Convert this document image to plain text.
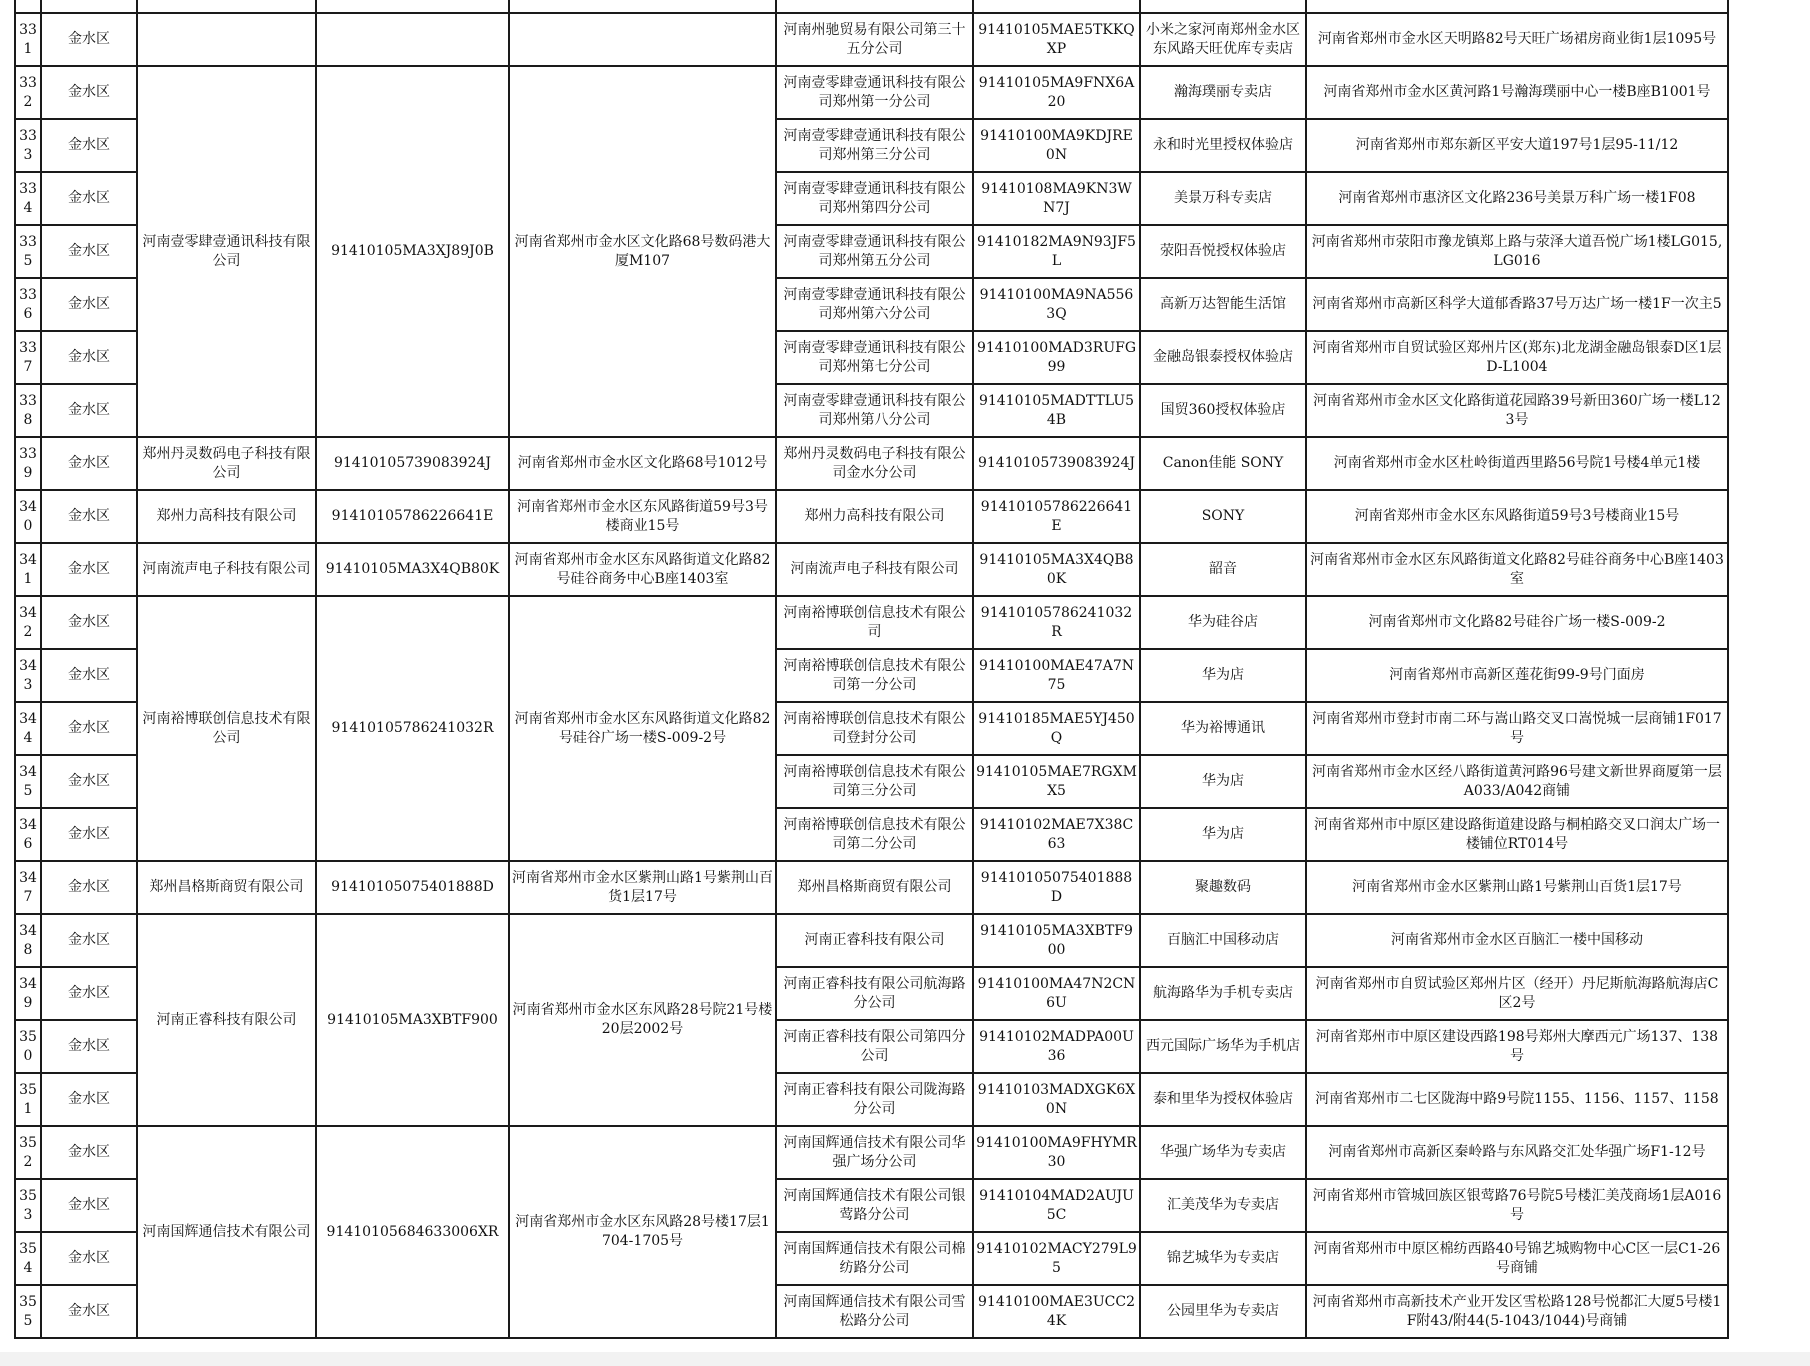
331	金水区				河南州驰贸易有限公司第三十五分公司	91410105MAE5TKKQXP	小米之家河南郑州金水区东风路天旺优库专卖店	河南省郑州市金水区天明路82号天旺广场裙房商业街1层1095号
332	金水区	河南壹零肆壹通讯科技有限公司	91410105MA3XJ89J0B	河南省郑州市金水区文化路68号数码港大厦M107	河南壹零肆壹通讯科技有限公司郑州第一分公司	91410105MA9FNX6A20	瀚海璞丽专卖店	河南省郑州市金水区黄河路1号瀚海璞丽中心一楼B座B1001号
333	金水区				河南壹零肆壹通讯科技有限公司郑州第三分公司	91410100MA9KDJRE0N	永和时光里授权体验店	河南省郑州市郑东新区平安大道197号1层95-11/12
334	金水区				河南壹零肆壹通讯科技有限公司郑州第四分公司	91410108MA9KN3WN7J	美景万科专卖店	河南省郑州市惠济区文化路236号美景万科广场一楼1F08
335	金水区				河南壹零肆壹通讯科技有限公司郑州第五分公司	91410182MA9N93JF5L	荥阳吾悦授权体验店	河南省郑州市荥阳市豫龙镇郑上路与荥泽大道吾悦广场1楼LG015,LG016
336	金水区				河南壹零肆壹通讯科技有限公司郑州第六分公司	91410100MA9NA5563Q	高新万达智能生活馆	河南省郑州市高新区科学大道郁香路37号万达广场一楼1F一次主5
337	金水区				河南壹零肆壹通讯科技有限公司郑州第七分公司	91410100MAD3RUFG99	金融岛银泰授权体验店	河南省郑州市自贸试验区郑州片区(郑东)北龙湖金融岛银泰D区1层D-L1004
338	金水区				河南壹零肆壹通讯科技有限公司郑州第八分公司	91410105MADTTLU54B	国贸360授权体验店	河南省郑州市金水区文化路街道花园路39号新田360广场一楼L123号
339	金水区	郑州丹灵数码电子科技有限公司	91410105739083924J	河南省郑州市金水区文化路68号1012号	郑州丹灵数码电子科技有限公司金水分公司	91410105739083924J	Canon佳能 SONY	河南省郑州市金水区杜岭街道西里路56号院1号楼4单元1楼
340	金水区	郑州力高科技有限公司	91410105786226641E	河南省郑州市金水区东风路街道59号3号楼商业15号	郑州力高科技有限公司	91410105786226641E	SONY	河南省郑州市金水区东风路街道59号3号楼商业15号
341	金水区	河南流声电子科技有限公司	91410105MA3X4QB80K	河南省郑州市金水区东风路街道文化路82号硅谷商务中心B座1403室	河南流声电子科技有限公司	91410105MA3X4QB80K	韶音	河南省郑州市金水区东风路街道文化路82号硅谷商务中心B座1403室
342	金水区	河南裕博联创信息技术有限公司	91410105786241032R	河南省郑州市金水区东风路街道文化路82号硅谷广场一楼S-009-2号	河南裕博联创信息技术有限公司	91410105786241032R	华为硅谷店	河南省郑州市文化路82号硅谷广场一楼S-009-2
343	金水区				河南裕博联创信息技术有限公司第一分公司	91410100MAE47A7N75	华为店	河南省郑州市高新区莲花街99-9号门面房
344	金水区				河南裕博联创信息技术有限公司登封分公司	91410185MAE5YJ450Q	华为裕博通讯	河南省郑州市登封市南二环与嵩山路交叉口嵩悦城一层商铺1F017号
345	金水区				河南裕博联创信息技术有限公司第三分公司	91410105MAE7RGXMX5	华为店	河南省郑州市金水区经八路街道黄河路96号建文新世界商厦第一层A033/A042商铺
346	金水区				河南裕博联创信息技术有限公司第二分公司	91410102MAE7X38C63	华为店	河南省郑州市中原区建设路街道建设路与桐柏路交叉口润太广场一楼铺位RT014号
347	金水区	郑州昌格斯商贸有限公司	91410105075401888D	河南省郑州市金水区紫荆山路1号紫荆山百货1层17号	郑州昌格斯商贸有限公司	91410105075401888D	聚趣数码	河南省郑州市金水区紫荆山路1号紫荆山百货1层17号
348	金水区	河南正睿科技有限公司	91410105MA3XBTF900	河南省郑州市金水区东风路28号院21号楼20层2002号	河南正睿科技有限公司	91410105MA3XBTF900	百脑汇中国移动店	河南省郑州市金水区百脑汇一楼中国移动
349	金水区				河南正睿科技有限公司航海路分公司	91410100MA47N2CN6U	航海路华为手机专卖店	河南省郑州市自贸试验区郑州片区（经开）丹尼斯航海路航海店C区2号
350	金水区				河南正睿科技有限公司第四分公司	91410102MADPA00U36	西元国际广场华为手机店	河南省郑州市中原区建设西路198号郑州大摩西元广场137、138号
351	金水区				河南正睿科技有限公司陇海路分公司	91410103MADXGK6X0N	泰和里华为授权体验店	河南省郑州市二七区陇海中路9号院1155、1156、1157、1158
352	金水区	河南国辉通信技术有限公司	91410105684633006XR	河南省郑州市金水区东风路28号楼17层1704-1705号	河南国辉通信技术有限公司华强广场分公司	91410100MA9FHYMR30	华强广场华为专卖店	河南省郑州市高新区秦岭路与东风路交汇处华强广场F1-12号
353	金水区				河南国辉通信技术有限公司银莺路分公司	91410104MAD2AUJU5C	汇美茂华为专卖店	河南省郑州市管城回族区银莺路76号院5号楼汇美茂商场1层A016号
354	金水区				河南国辉通信技术有限公司棉纺路分公司	91410102MACY279L95	锦艺城华为专卖店	河南省郑州市中原区棉纺西路40号锦艺城购物中心C区一层C1-26号商铺
355	金水区				河南国辉通信技术有限公司雪松路分公司	91410100MAE3UCC24K	公园里华为专卖店	河南省郑州市高新技术产业开发区雪松路128号悦都汇大厦5号楼1F附43/附44(5-1043/1044)号商铺
